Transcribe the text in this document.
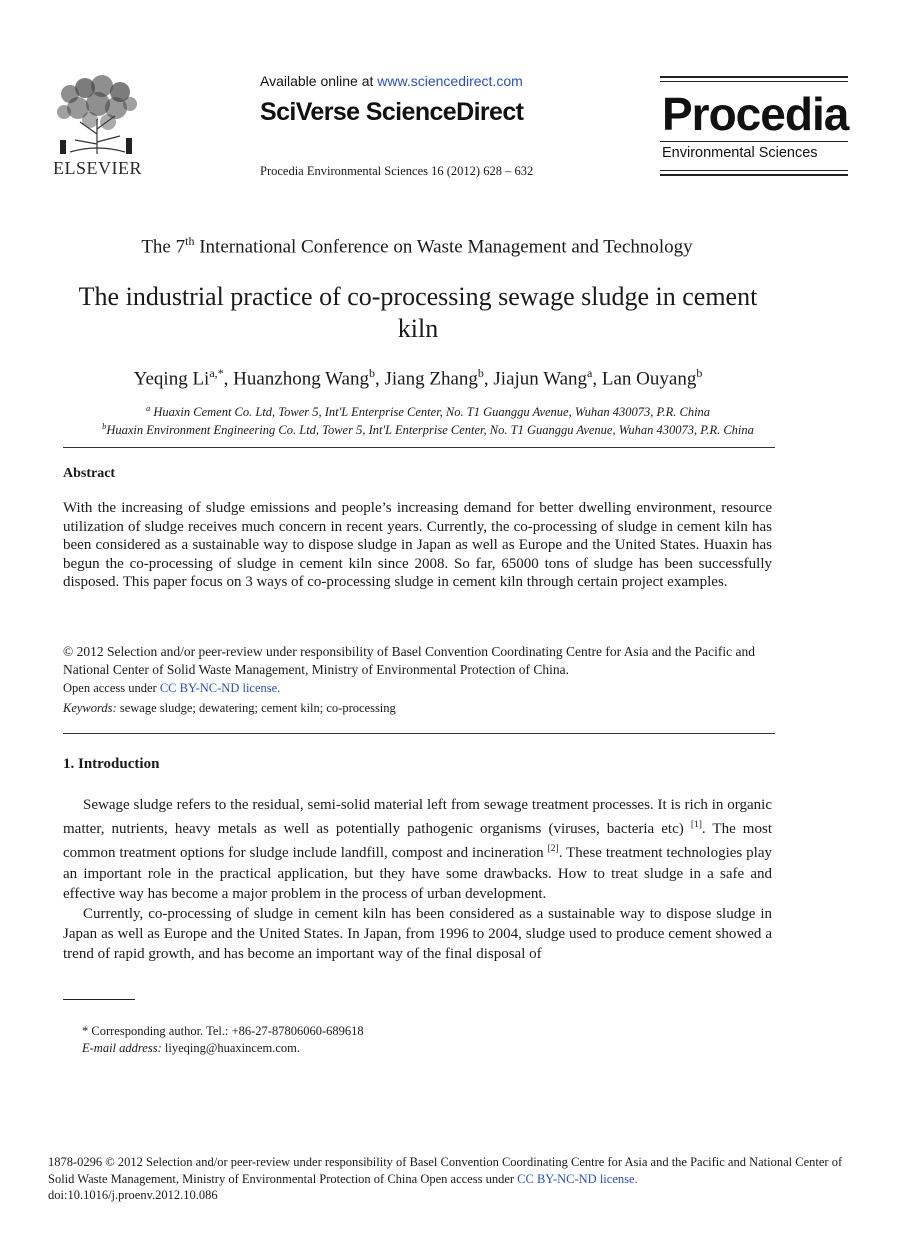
ELSEVIER
Available online at www.sciencedirect.com
SciVerse ScienceDirect
Procedia Environmental Sciences 16 (2012) 628 – 632
Procedia
Environmental Sciences
The 7th International Conference on Waste Management and Technology
The industrial practice of co-processing sewage sludge in cement kiln
Yeqing $Li^{a,*}$, Huanzhong Wang$^b$, Jiang Zhang$^b$, Jiajun Wang$^a$, Lan Ouyang$^b$
$^a$ Huaxin Cement Co. Ltd, Tower 5, Int'L Enterprise Center, No. T1 Guanggu Avenue, Wuhan 430073, P.R. China
$^b$Huaxin Environment Engineering Co. Ltd, Tower 5, Int'L Enterprise Center, No. T1 Guanggu Avenue, Wuhan 430073, P.R. China
Abstract
With the increasing of sludge emissions and people’s increasing demand for better dwelling environment, resource utilization of sludge receives much concern in recent years. Currently, the co-processing of sludge in cement kiln has been considered as a sustainable way to dispose sludge in Japan as well as Europe and the United States. Huaxin has begun the co-processing of sludge in cement kiln since 2008. So far, 65000 tons of sludge has been successfully disposed. This paper focus on 3 ways of co-processing sludge in cement kiln through certain project examples.
© 2012 Selection and/or peer-review under responsibility of Basel Convention Coordinating Centre for Asia and the Pacific and National Center of Solid Waste Management, Ministry of Environmental Protection of China.
Open access under CC BY-NC-ND license.
Keywords: sewage sludge; dewatering; cement kiln; co-processing
1. Introduction

Sewage sludge refers to the residual, semi-solid material left from sewage treatment processes. It is rich in organic matter, nutrients, heavy metals as well as potentially pathogenic organisms (viruses, bacteria etc) [1]. The most common treatment options for sludge include landfill, compost and incineration [2]. These treatment technologies play an important role in the practical application, but they have some drawbacks. How to treat sludge in a safe and effective way has become a major problem in the process of urban development.

Currently, co-processing of sludge in cement kiln has been considered as a sustainable way to dispose sludge in Japan as well as Europe and the United States. In Japan, from 1996 to 2004, sludge used to produce cement showed a trend of rapid growth, and has become an important way of the final disposal of

* Corresponding author. Tel.: +86-27-87806060-689618
E-mail address: liyeqing@huaxincem.com.
1878-0296 © 2012 Selection and/or peer-review under responsibility of Basel Convention Coordinating Centre for Asia and the Pacific and National Center of Solid Waste Management, Ministry of Environmental Protection of China Open access under CC BY-NC-ND license.
doi:10.1016/j.proenv.2012.10.086
